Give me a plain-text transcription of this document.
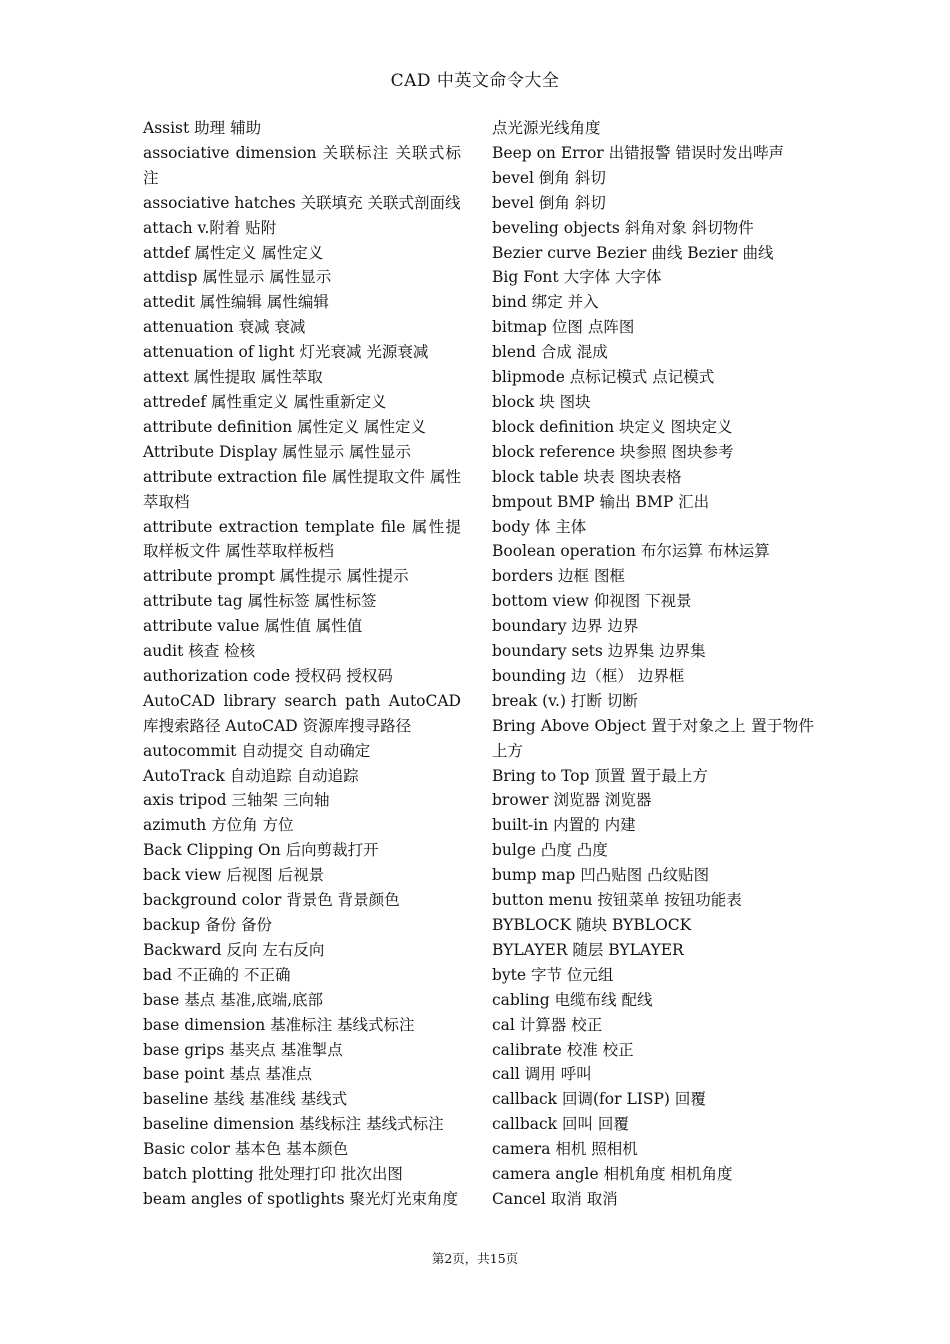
CAD 中英文命令大全

Assist 助理 辅助

associative dimension 关联标注 关联式标注

associative hatches 关联填充 关联式剖面线

attach v.附着 贴附

attdef 属性定义 属性定义

attdisp 属性显示 属性显示

attedit 属性编辑 属性编辑

attenuation 衰减 衰减

attenuation of light 灯光衰减 光源衰减

attext 属性提取 属性萃取

attredef 属性重定义 属性重新定义

attribute definition 属性定义 属性定义

Attribute Display 属性显示 属性显示

attribute extraction file 属性提取文件 属性萃取档

attribute extraction template file 属性提取样板文件 属性萃取样板档

attribute prompt 属性提示 属性提示

attribute tag 属性标签 属性标签

attribute value 属性值 属性值

audit 核查 检核

authorization code 授权码 授权码

AutoCAD library search path AutoCAD 库搜索路径 AutoCAD 资源库搜寻路径

autocommit 自动提交 自动确定

AutoTrack 自动追踪 自动追踪

axis tripod 三轴架 三向轴

azimuth 方位角 方位

Back Clipping On 后向剪裁打开

back view 后视图 后视景

background color 背景色 背景颜色

backup 备份 备份

Backward 反向 左右反向

bad 不正确的 不正确

base 基点 基准,底端,底部

base dimension 基准标注 基线式标注

base grips 基夹点 基准掣点

base point 基点 基准点

baseline 基线 基准线 基线式

baseline dimension 基线标注 基线式标注

Basic color 基本色 基本颜色

batch plotting 批处理打印 批次出图

beam angles of spotlights 聚光灯光束角度

点光源光线角度

Beep on Error 出错报警 错误时发出哔声

bevel 倒角 斜切

bevel 倒角 斜切

beveling objects 斜角对象 斜切物件

Bezier curve Bezier 曲线 Bezier 曲线

Big Font 大字体 大字体

bind 绑定 并入

bitmap 位图 点阵图

blend 合成 混成

blipmode 点标记模式 点记模式

block 块 图块

block definition 块定义 图块定义

block reference 块参照 图块参考

block table 块表 图块表格

bmpout BMP 输出 BMP 汇出

body 体 主体

Boolean operation 布尔运算 布林运算

borders 边框 图框

bottom view 仰视图 下视景

boundary 边界 边界

boundary sets 边界集 边界集

bounding 边（框） 边界框

break (v.) 打断 切断

Bring Above Object 置于对象之上 置于物件上方

Bring to Top 顶置 置于最上方

brower 浏览器 浏览器

built-in 内置的 内建

bulge 凸度 凸度

bump map 凹凸贴图 凸纹贴图

button menu 按钮菜单 按钮功能表

BYBLOCK 随块 BYBLOCK

BYLAYER 随层 BYLAYER

byte 字节 位元组

cabling 电缆布线 配线

cal 计算器 校正

calibrate 校准 校正

call 调用 呼叫

callback 回调(for LISP) 回覆

callback 回叫 回覆

camera 相机 照相机

camera angle 相机角度 相机角度

Cancel 取消 取消

第2页，共15页
